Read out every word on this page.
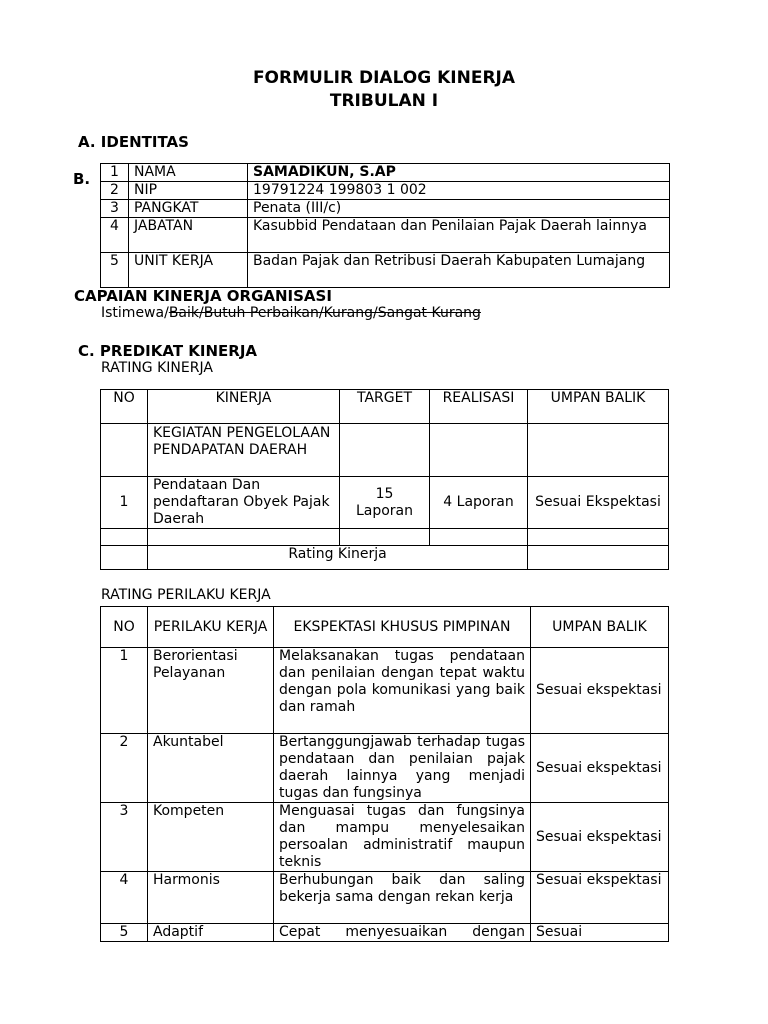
FORMULIR DIALOG KINERJA
TRIBULAN I
A. IDENTITAS
B. 1	NAMA	SAMADIKUN, S.AP
2	NIP	19791224 199803 1 002
3	PANGKAT	Penata (III/c)
4	JABATAN	Kasubbid Pendataan dan Penilaian Pajak Daerah lainnya
5	UNIT KERJA	Badan Pajak dan Retribusi Daerah Kabupaten Lumajang
CAPAIAN KINERJA ORGANISASI
Istimewa/Baik/Butuh Perbaikan/Kurang/Sangat Kurang
C. PREDIKAT KINERJA
RATING KINERJA
NO	KINERJA	TARGET	REALISASI	UMPAN BALIK
	KEGIATAN PENGELOLAAN PENDAPATAN DAERAH			
1	Pendataan Dan pendaftaran Obyek Pajak Daerah	15 Laporan	4 Laporan	Sesuai Ekspektasi

	Rating Kinerja			
RATING PERILAKU KERJA
NO	PERILAKU KERJA	EKSPEKTASI KHUSUS PIMPINAN	UMPAN BALIK
1	Berorientasi Pelayanan	Melaksanakan tugas pendataan dan penilaian dengan tepat waktu dengan pola komunikasi yang baik dan ramah	Sesuai ekspektasi
2	Akuntabel	Bertanggungjawab terhadap tugas pendataan dan penilaian pajak daerah lainnya yang menjadi tugas dan fungsinya	Sesuai ekspektasi
3	Kompeten	Menguasai tugas dan fungsinya dan mampu menyelesaikan persoalan administratif maupun teknis	Sesuai ekspektasi
4	Harmonis	Berhubungan baik dan saling bekerja sama dengan rekan kerja	Sesuai ekspektasi
5	Adaptif	Cepat menyesuaikan dengan	Sesuai
